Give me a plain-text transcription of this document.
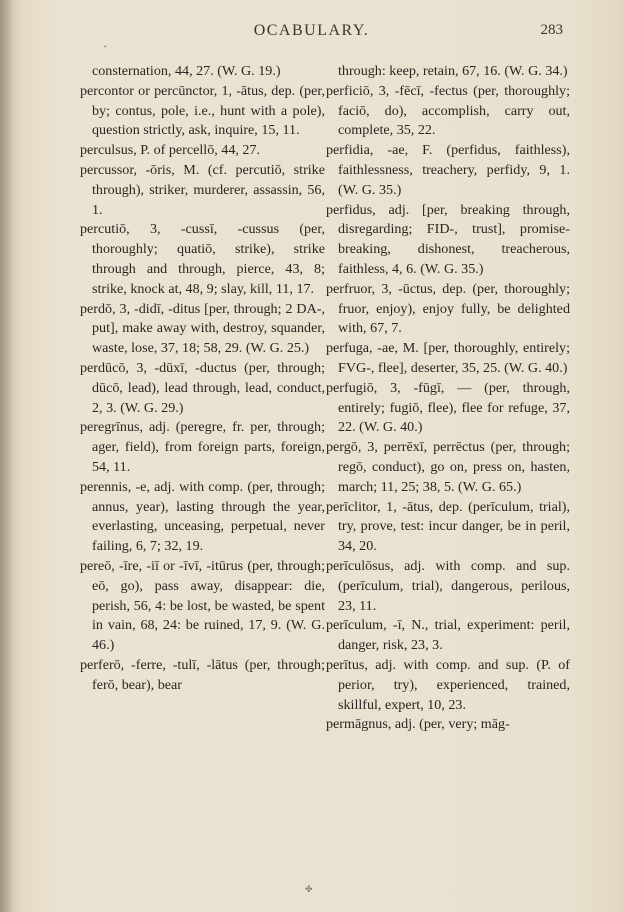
•
OCABULARY.	283

consternation, 44, 27. (W. G. 19.)

percontor or percūnctor, 1, -ātus, dep. (per, by; contus, pole, i.e., hunt with a pole), question strictly, ask, inquire, 15, 11.

perculsus, P. of percellō, 44, 27.

percussor, -ōris, M. (cf. percutiō, strike through), striker, murderer, assassin, 56, 1.

percutiō, 3, -cussī, -cussus (per, thoroughly; quatiō, strike), strike through and through, pierce, 43, 8; strike, knock at, 48, 9; slay, kill, 11, 17.

perdō, 3, -didī, -ditus [per, through; 2 DA-, put], make away with, destroy, squander, waste, lose, 37, 18; 58, 29. (W. G. 25.)

perdūcō, 3, -dūxī, -ductus (per, through; dūcō, lead), lead through, lead, conduct, 2, 3. (W. G. 29.)

peregrīnus, adj. (peregre, fr. per, through; ager, field), from foreign parts, foreign, 54, 11.

perennis, -e, adj. with comp. (per, through; annus, year), lasting through the year, everlasting, unceasing, perpetual, never failing, 6, 7; 32, 19.

pereō, -īre, -iī or -īvī, -itūrus (per, through; eō, go), pass away, disappear: die, perish, 56, 4: be lost, be wasted, be spent in vain, 68, 24: be ruined, 17, 9. (W. G. 46.)

perferō, -ferre, -tulī, -lātus (per, through; ferō, bear), bear

through: keep, retain, 67, 16. (W. G. 34.)

perficiō, 3, -fēcī, -fectus (per, thoroughly; faciō, do), accomplish, carry out, complete, 35, 22.

perfidia, -ae, F. (perfidus, faithless), faithlessness, treachery, perfidy, 9, 1. (W. G. 35.)

perfidus, adj. [per, breaking through, disregarding; FID-, trust], promise-breaking, dishonest, treacherous, faithless, 4, 6. (W. G. 35.)

perfruor, 3, -ūctus, dep. (per, thoroughly; fruor, enjoy), enjoy fully, be delighted with, 67, 7.

perfuga, -ae, M. [per, thoroughly, entirely; FVG-, flee], deserter, 35, 25. (W. G. 40.)

perfugiō, 3, -fūgī, — (per, through, entirely; fugiō, flee), flee for refuge, 37, 22. (W. G. 40.)

pergō, 3, perrēxī, perrēctus (per, through; regō, conduct), go on, press on, hasten, march; 11, 25; 38, 5. (W. G. 65.)

perīclitor, 1, -ātus, dep. (perīculum, trial), try, prove, test: incur danger, be in peril, 34, 20.

perīculōsus, adj. with comp. and sup. (perīculum, trial), dangerous, perilous, 23, 11.

perīculum, -ī, N., trial, experiment: peril, danger, risk, 23, 3.

perītus, adj. with comp. and sup. (P. of perior, try), experienced, trained, skillful, expert, 10, 23.

permāgnus, adj. (per, very; māg-

✤
